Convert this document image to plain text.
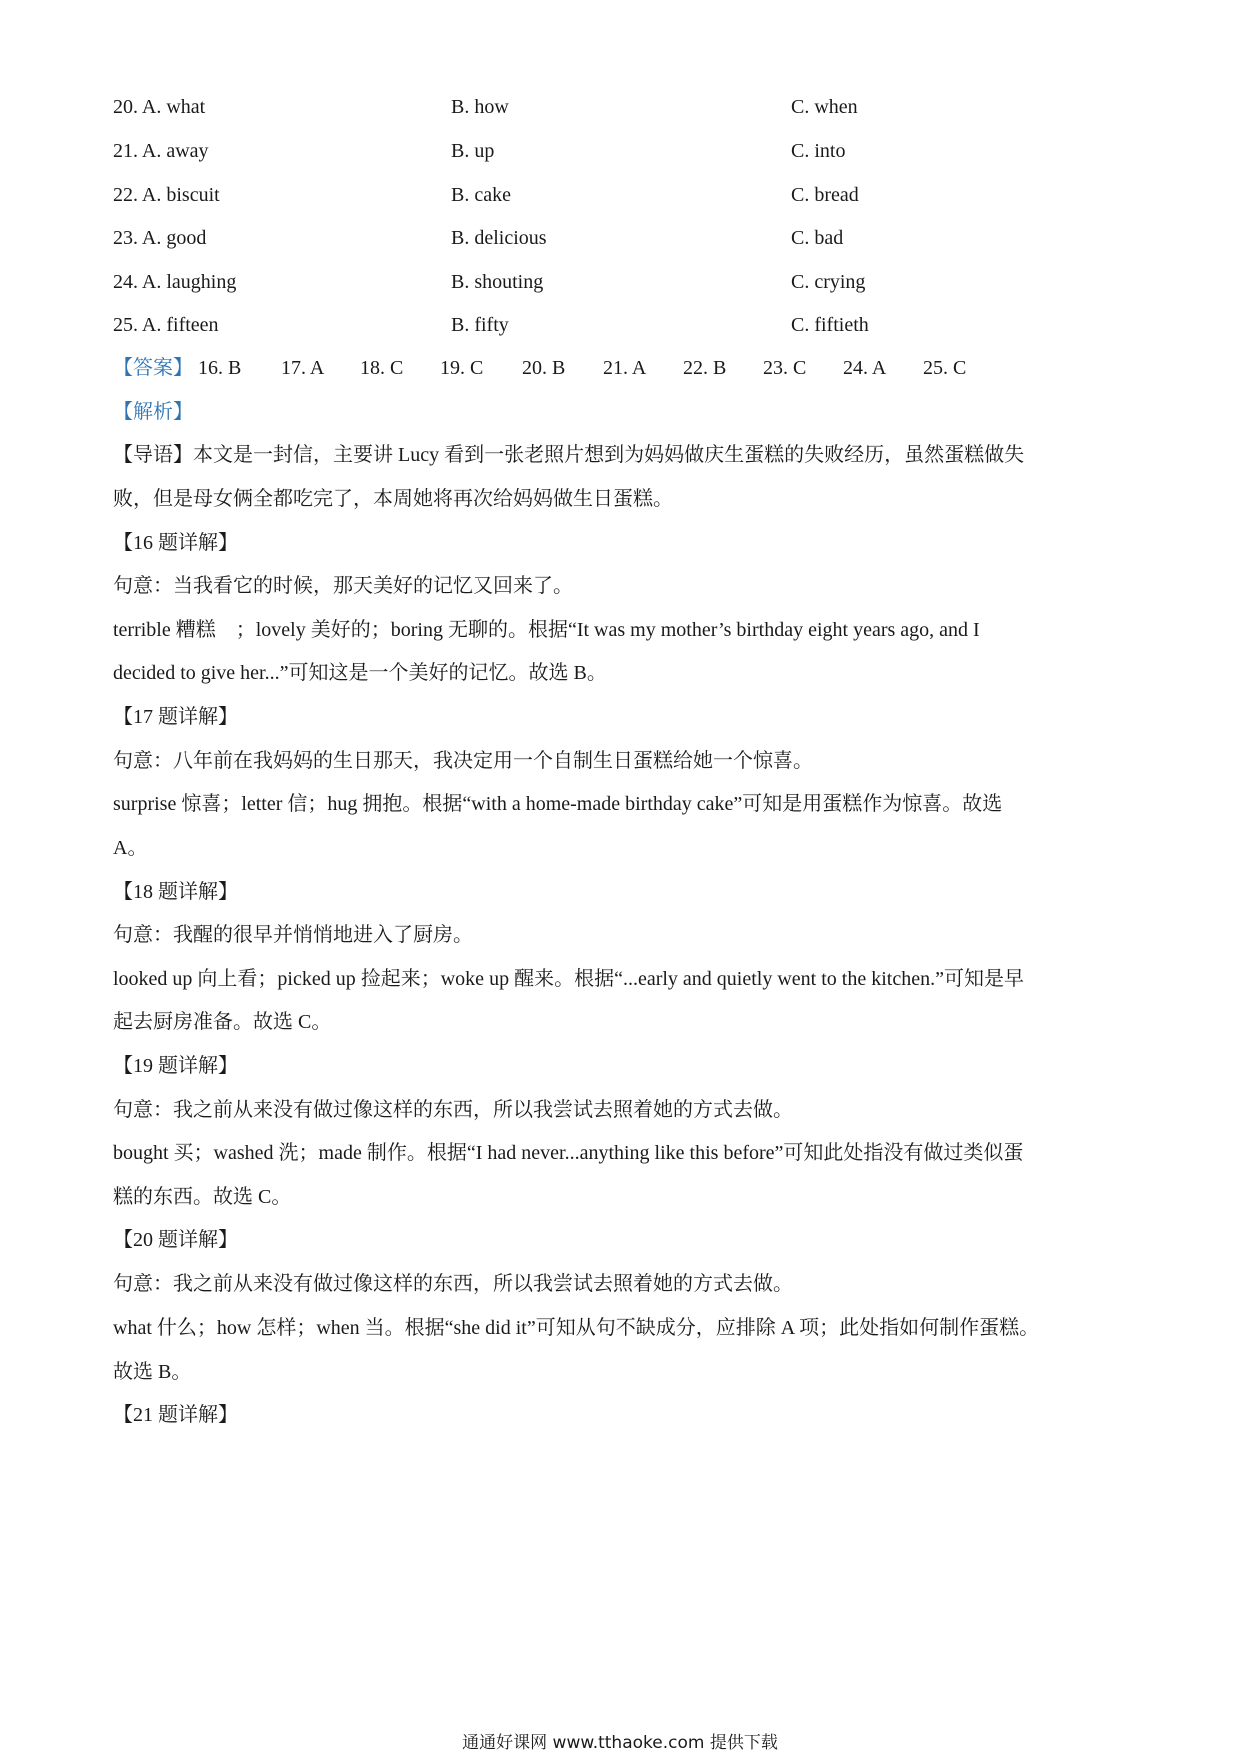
20. A. what	B. how	C. when
21. A. away	B. up	C. into
22. A. biscuit	B. cake	C. bread
23. A. good	B. delicious	C. bad
24. A. laughing	B. shouting	C. crying
25. A. fifteen	B. fifty	C. fiftieth
【答案】 16. B 17. A 18. C 19. C 20. B 21. A 22. B 23. C 24. A 25. C
【解析】
【导语】本文是一封信，主要讲 Lucy 看到一张老照片想到为妈妈做庆生蛋糕的失败经历，虽然蛋糕做失
败，但是母女俩全都吃完了，本周她将再次给妈妈做生日蛋糕。
【16 题详解】
句意：当我看它的时候，那天美好的记忆又回来了。
terrible 糟糕　；lovely 美好的；boring 无聊的。根据“It was my mother’s birthday eight years ago, and I
decided to give her...”可知这是一个美好的记忆。故选 B。
【17 题详解】
句意：八年前在我妈妈的生日那天，我决定用一个自制生日蛋糕给她一个惊喜。
surprise 惊喜；letter 信；hug 拥抱。根据“with a home-made birthday cake”可知是用蛋糕作为惊喜。故选
A。
【18 题详解】
句意：我醒的很早并悄悄地进入了厨房。
looked up 向上看；picked up 捡起来；woke up 醒来。根据“...early and quietly went to the kitchen.”可知是早
起去厨房准备。故选 C。
【19 题详解】
句意：我之前从来没有做过像这样的东西，所以我尝试去照着她的方式去做。
bought 买；washed 洗；made 制作。根据“I had never...anything like this before”可知此处指没有做过类似蛋
糕的东西。故选 C。
【20 题详解】
句意：我之前从来没有做过像这样的东西，所以我尝试去照着她的方式去做。
what 什么；how 怎样；when 当。根据“she did it”可知从句不缺成分，应排除 A 项；此处指如何制作蛋糕。
故选 B。
【21 题详解】
通通好课网 www.tthaoke.com 提供下载
